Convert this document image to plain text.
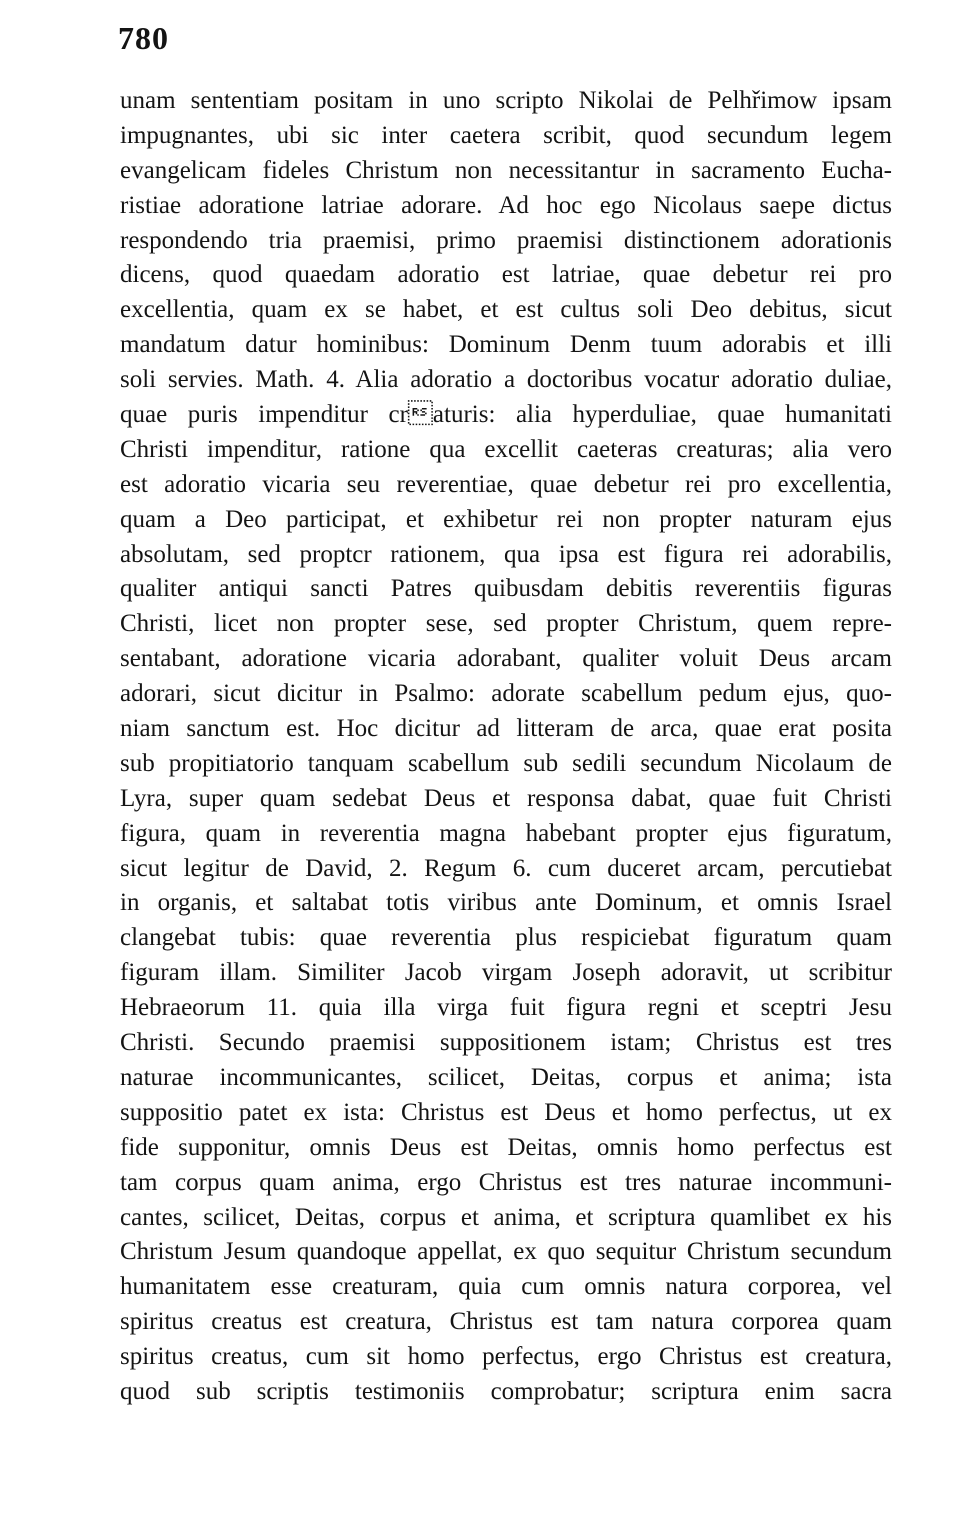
780
unam sententiam positam in uno scripto Nikolai de Pelhřimow ipsam
impugnantes, ubi sic inter caetera scribit, quod secundum legem
evangelicam fideles Christum non necessitantur in sacramento Eucha-
ristiae adoratione latriae adorare. Ad hoc ego Nicolaus saepe dictus
respondendo tria praemisi, primo praemisi distinctionem adorationis
dicens, quod quaedam adoratio est latriae, quae debetur rei pro
excellentia, quam ex se habet, et est cultus soli Deo debitus, sicut
mandatum datur hominibus: Dominum Denm tuum adorabis et illi
soli servies. Math. 4. Alia adoratio a doctoribus vocatur adoratio duliae,
quae puris impenditur craturis: alia hyperduliae, quae humanitati
Christi impenditur, ratione qua excellit caeteras creaturas; alia vero
est adoratio vicaria seu reverentiae, quae debetur rei pro excellentia,
quam a Deo participat, et exhibetur rei non propter naturam ejus
absolutam, sed proptcr rationem, qua ipsa est figura rei adorabilis,
qualiter antiqui sancti Patres quibusdam debitis reverentiis figuras
Christi, licet non propter sese, sed propter Christum, quem repre-
sentabant, adoratione vicaria adorabant, qualiter voluit Deus arcam
adorari, sicut dicitur in Psalmo: adorate scabellum pedum ejus, quo-
niam sanctum est. Hoc dicitur ad litteram de arca, quae erat posita
sub propitiatorio tanquam scabellum sub sedili secundum Nicolaum de
Lyra, super quam sedebat Deus et responsa dabat, quae fuit Christi
figura, quam in reverentia magna habebant propter ejus figuratum,
sicut legitur de David, 2. Regum 6. cum duceret arcam, percutiebat
in organis, et saltabat totis viribus ante Dominum, et omnis Israel
clangebat tubis: quae reverentia plus respiciebat figuratum quam
figuram illam. Similiter Jacob virgam Joseph adoravit, ut scribitur
Hebraeorum 11. quia illa virga fuit figura regni et sceptri Jesu
Christi. Secundo praemisi suppositionem istam; Christus est tres
naturae incommunicantes, scilicet, Deitas, corpus et anima; ista
suppositio patet ex ista: Christus est Deus et homo perfectus, ut ex
fide supponitur, omnis Deus est Deitas, omnis homo perfectus est
tam corpus quam anima, ergo Christus est tres naturae incommuni-
cantes, scilicet, Deitas, corpus et anima, et scriptura quamlibet ex his
Christum Jesum quandoque appellat, ex quo sequitur Christum secundum
humanitatem esse creaturam, quia cum omnis natura corporea, vel
spiritus creatus est creatura, Christus est tam natura corporea quam
spiritus creatus, cum sit homo perfectus, ergo Christus est creatura,
quod sub scriptis testimoniis comprobatur; scriptura enim sacra
